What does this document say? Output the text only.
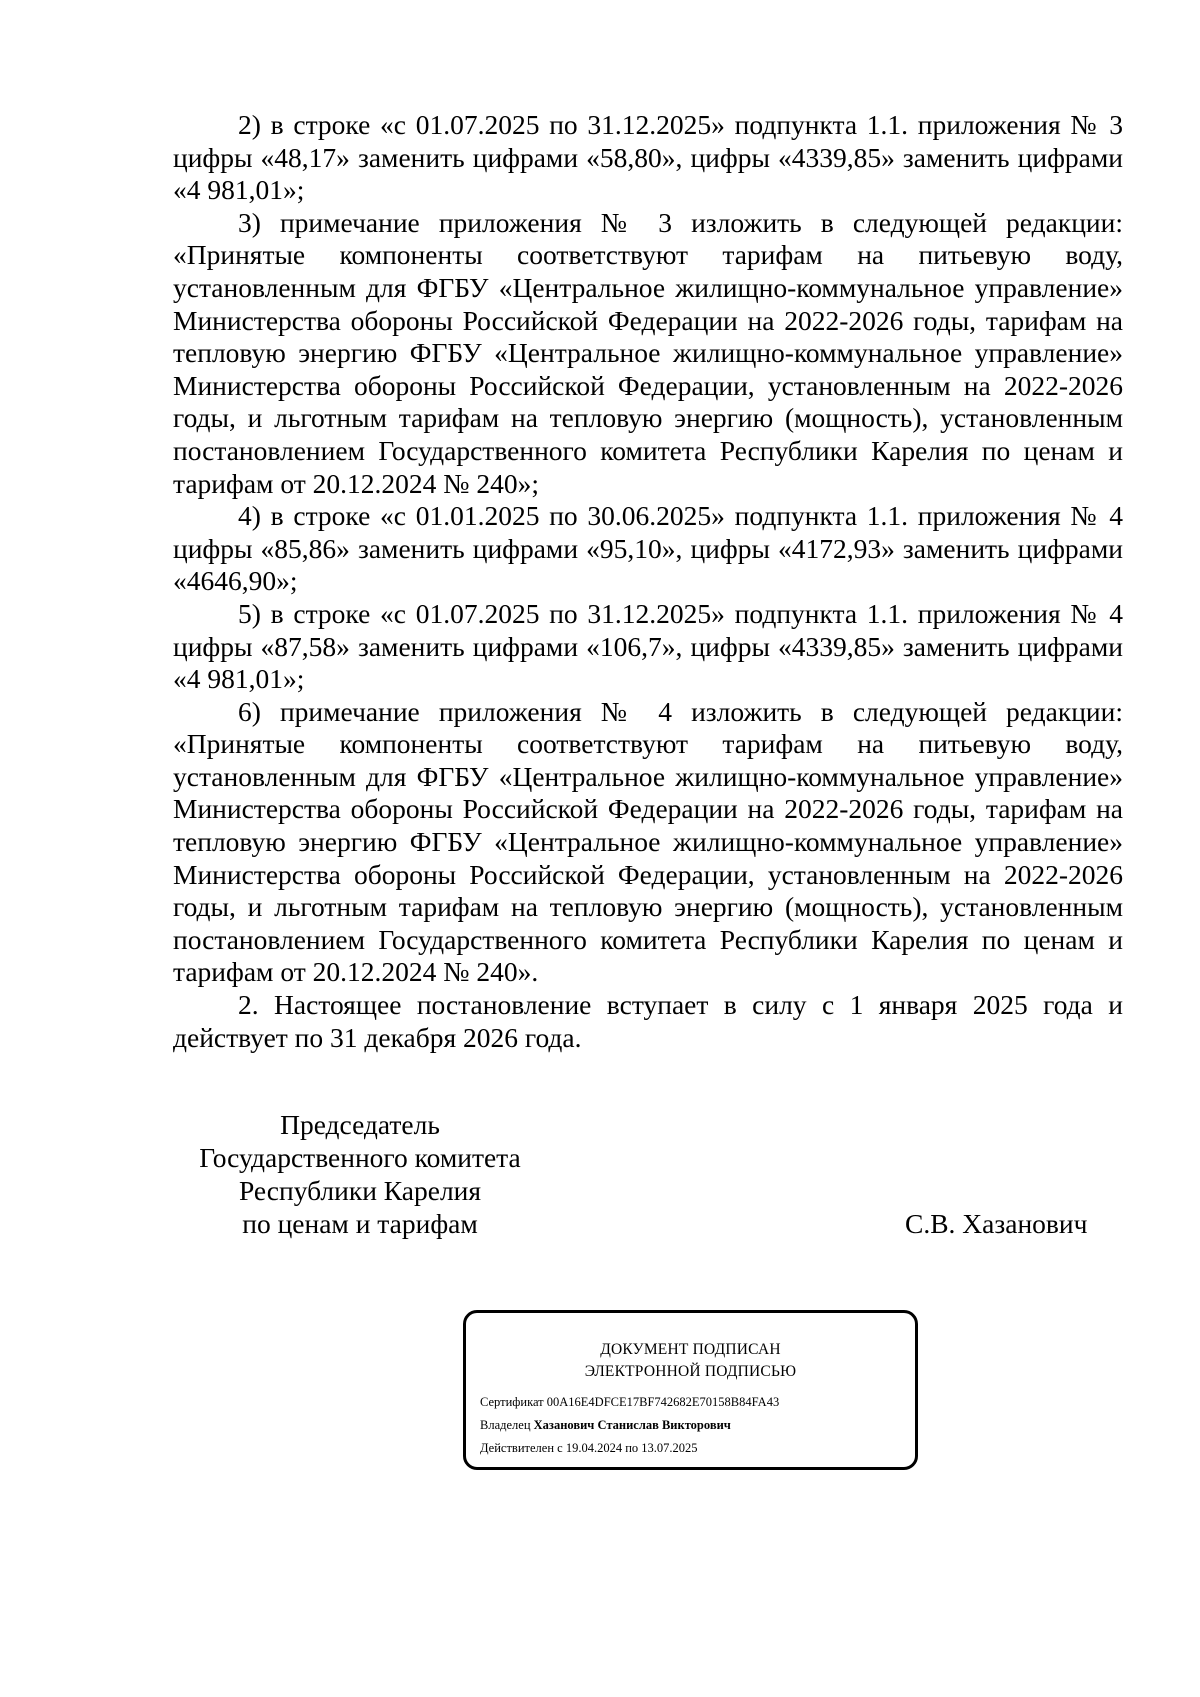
2) в строке «с 01.07.2025 по 31.12.2025» подпункта 1.1. приложения № 3 цифры «48,17» заменить цифрами «58,80», цифры «4339,85» заменить цифрами «4 981,01»;

3) примечание приложения № 3 изложить в следующей редакции: «Принятые компоненты соответствуют тарифам на питьевую воду, установленным для ФГБУ «Центральное жилищно-коммунальное управление» Министерства обороны Российской Федерации на 2022-2026 годы, тарифам на тепловую энергию ФГБУ «Центральное жилищно-коммунальное управление» Министерства обороны Российской Федерации, установленным на 2022-2026 годы, и льготным тарифам на тепловую энергию (мощность), установленным постановлением Государственного комитета Республики Карелия по ценам и тарифам от 20.12.2024 № 240»;

4) в строке «с 01.01.2025 по 30.06.2025» подпункта 1.1. приложения № 4 цифры «85,86» заменить цифрами «95,10», цифры «4172,93» заменить цифрами «4646,90»;

5) в строке «с 01.07.2025 по 31.12.2025» подпункта 1.1. приложения № 4 цифры «87,58» заменить цифрами «106,7», цифры «4339,85» заменить цифрами «4 981,01»;

6) примечание приложения № 4 изложить в следующей редакции: «Принятые компоненты соответствуют тарифам на питьевую воду, установленным для ФГБУ «Центральное жилищно-коммунальное управление» Министерства обороны Российской Федерации на 2022-2026 годы, тарифам на тепловую энергию ФГБУ «Центральное жилищно-коммунальное управление» Министерства обороны Российской Федерации, установленным на 2022-2026 годы, и льготным тарифам на тепловую энергию (мощность), установленным постановлением Государственного комитета Республики Карелия по ценам и тарифам от 20.12.2024 № 240».

2. Настоящее постановление вступает в силу с 1 января 2025 года и действует по 31 декабря 2026 года.

Председатель
Государственного комитета
Республики Карелия
по ценам и тарифам	С.В. Хазанович
ДОКУМЕНТ ПОДПИСАН
ЭЛЕКТРОННОЙ ПОДПИСЬЮ
Сертификат 00A16E4DFCE17BF742682E70158B84FA43
Владелец Хазанович Станислав Викторович
Действителен с 19.04.2024 по 13.07.2025
